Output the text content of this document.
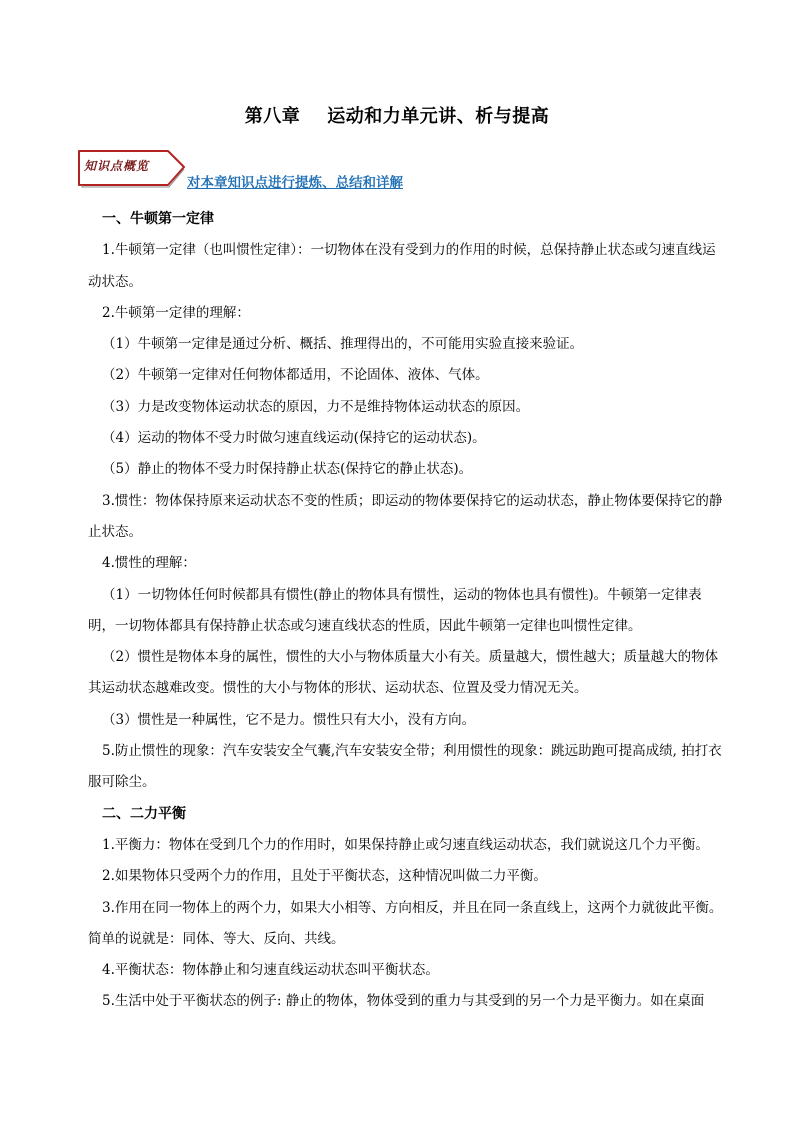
第八章    运动和力单元讲、析与提高
知识点概览
对本章知识点进行提炼、总结和详解

一、牛顿第一定律

1.牛顿第一定律（也叫惯性定律）：一切物体在没有受到力的作用的时候，总保持静止状态或匀速直线运动状态。

2.牛顿第一定律的理解：

（1）牛顿第一定律是通过分析、概括、推理得出的，不可能用实验直接来验证。

（2）牛顿第一定律对任何物体都适用，不论固体、液体、气体。

（3）力是改变物体运动状态的原因，力不是维持物体运动状态的原因。

（4）运动的物体不受力时做匀速直线运动(保持它的运动状态)。

（5）静止的物体不受力时保持静止状态(保持它的静止状态)。

3.惯性：物体保持原来运动状态不变的性质；即运动的物体要保持它的运动状态，静止物体要保持它的静止状态。

4.惯性的理解：

（1）一切物体任何时候都具有惯性(静止的物体具有惯性，运动的物体也具有惯性)。牛顿第一定律表明，一切物体都具有保持静止状态或匀速直线状态的性质，因此牛顿第一定律也叫惯性定律。

（2）惯性是物体本身的属性，惯性的大小与物体质量大小有关。质量越大，惯性越大；质量越大的物体其运动状态越难改变。惯性的大小与物体的形状、运动状态、位置及受力情况无关。

（3）惯性是一种属性，它不是力。惯性只有大小，没有方向。

5.防止惯性的现象：汽车安装安全气囊,汽车安装安全带；利用惯性的现象：跳远助跑可提高成绩, 拍打衣服可除尘。

二、二力平衡

1.平衡力：物体在受到几个力的作用时，如果保持静止或匀速直线运动状态，我们就说这几个力平衡。

2.如果物体只受两个力的作用，且处于平衡状态，这种情况叫做二力平衡。

3.作用在同一物体上的两个力，如果大小相等、方向相反，并且在同一条直线上，这两个力就彼此平衡。简单的说就是：同体、等大、反向、共线。

4.平衡状态：物体静止和匀速直线运动状态叫平衡状态。

5.生活中处于平衡状态的例子: 静止的物体，物体受到的重力与其受到的另一个力是平衡力。如在桌面
